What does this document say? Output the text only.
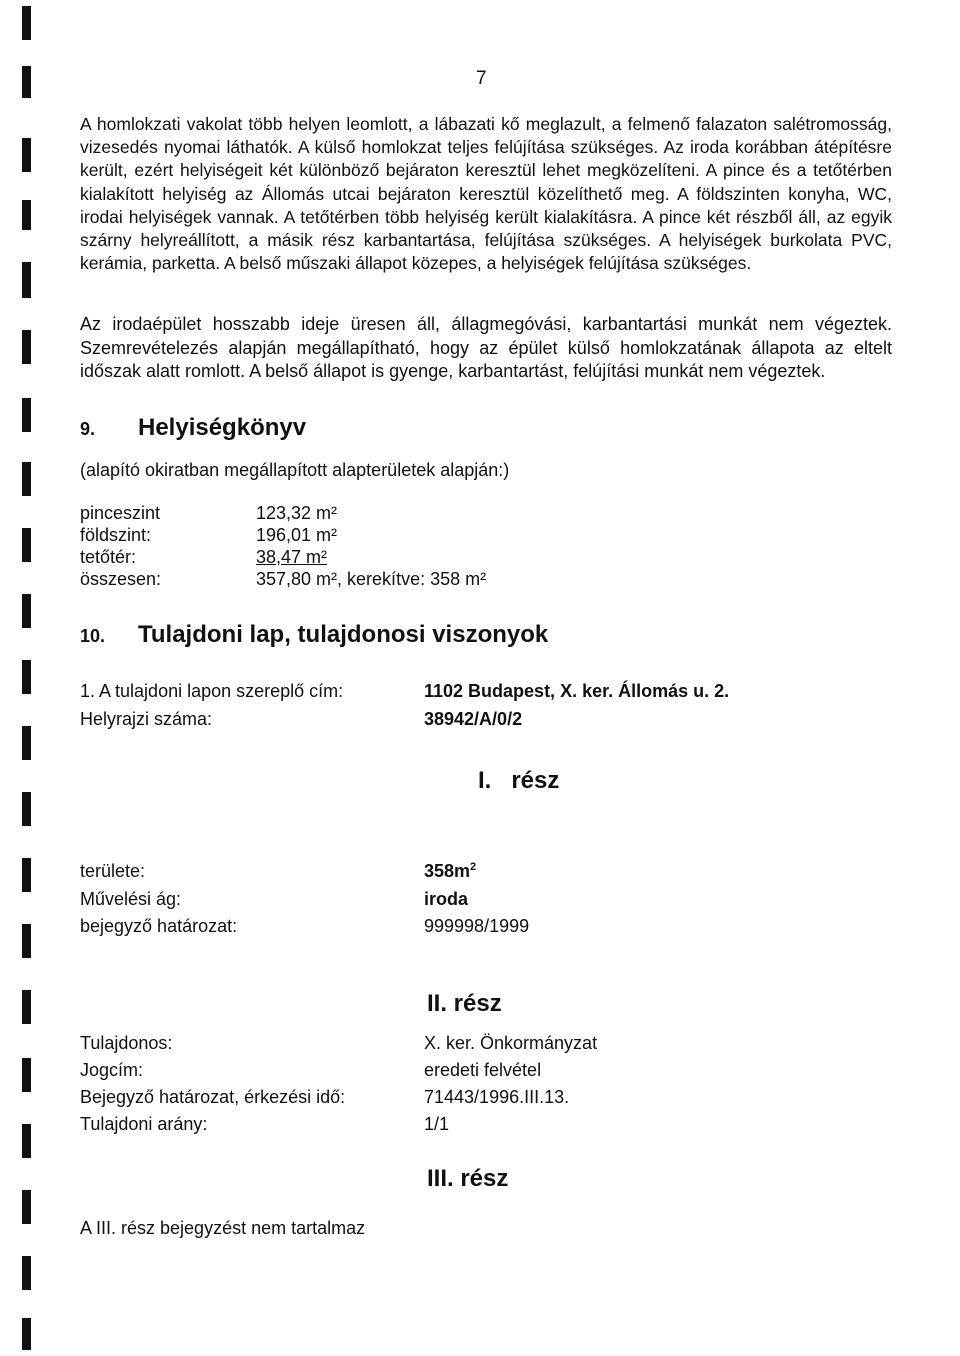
7
A homlokzati vakolat több helyen leomlott, a lábazati kő meglazult, a felmenő falazaton salétromosság, vizesedés nyomai láthatók. A külső homlokzat teljes felújítása szükséges. Az iroda korábban átépítésre került, ezért helyiségeit két különböző bejáraton keresztül lehet megközelíteni. A pince és a tetőtérben kialakított helyiség az Állomás utcai bejáraton keresztül közelíthető meg. A földszinten konyha, WC, irodai helyiségek vannak. A tetőtérben több helyiség került kialakításra. A pince két részből áll, az egyik szárny helyreállított, a másik rész karbantartása, felújítása szükséges. A helyiségek burkolata PVC, kerámia, parketta. A belső műszaki állapot közepes, a helyiségek felújítása szükséges.
Az irodaépület hosszabb ideje üresen áll, állagmegóvási, karbantartási munkát nem végeztek. Szemrevételezés alapján megállapítható, hogy az épület külső homlokzatának állapota az eltelt időszak alatt romlott. A belső állapot is gyenge, karbantartást, felújítási munkát nem végeztek.
9. Helyiségkönyv
(alapító okiratban megállapított alapterületek alapján:)
pinceszint	123,32 m²
földszint:	196,01 m²
tetőtér:	38,47 m²
összesen:	357,80 m², kerekítve: 358 m²
10. Tulajdoni lap, tulajdonosi viszonyok
1. A tulajdoni lapon szereplő cím:	1102 Budapest, X. ker. Állomás u. 2.
Helyrajzi száma:	38942/A/0/2
I.   rész
területe:	$358m^2$
Művelési ág:	iroda
bejegyző határozat:	999998/1999
II. rész
Tulajdonos:	X. ker. Önkormányzat
Jogcím:	eredeti felvétel
Bejegyző határozat, érkezési idő:	71443/1996.III.13.
Tulajdoni arány:	1/1
III. rész
A III. rész bejegyzést nem tartalmaz
